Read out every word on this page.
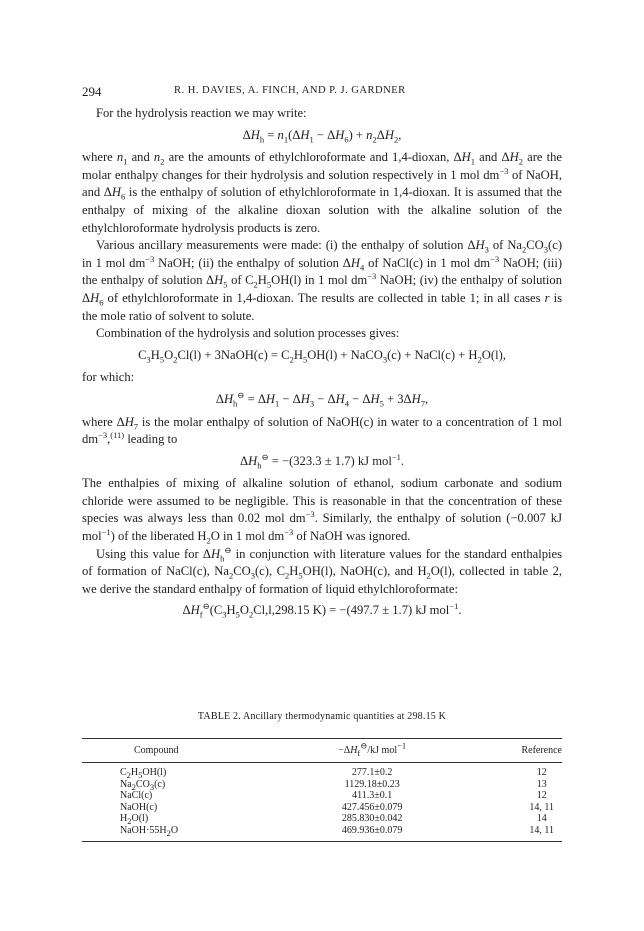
294	R. H. DAVIES, A. FINCH, AND P. J. GARDNER

For the hydrolysis reaction we may write:

$\Delta H_h = n_1(\Delta H_1 - \Delta H_6) + n_2\Delta H_2$,

where $n_1$ and $n_2$ are the amounts of ethylchloroformate and 1,4-dioxan, $\Delta H_1$ and $\Delta H_2$ are the molar enthalpy changes for their hydrolysis and solution respectively in 1 mol $dm^{-3}$ of NaOH, and $\Delta H_6$ is the enthalpy of solution of ethylchloroformate in 1,4-dioxan. It is assumed that the enthalpy of mixing of the alkaline dioxan solution with the alkaline solution of the ethylchloroformate hydrolysis products is zero.

Various ancillary measurements were made: (i) the enthalpy of solution $\Delta H_3$ of $Na_2CO_3(c)$ in 1 mol $dm^{-3}$ NaOH; (ii) the enthalpy of solution $\Delta H_4$ of NaCl(c) in 1 mol $dm^{-3}$ NaOH; (iii) the enthalpy of solution $\Delta H_5$ of $C_2H_5OH(l)$ in 1 mol $dm^{-3}$ NaOH; (iv) the enthalpy of solution $\Delta H_6$ of ethylchloroformate in 1,4-dioxan. The results are collected in table 1; in all cases r is the mole ratio of solvent to solute.

Combination of the hydrolysis and solution processes gives:

$C_3H_5O_2Cl(l)$ + 3NaOH(c) = $C_2H_5OH(l)$ + NaCO$_3$(c) + NaCl(c) + $H_2O(l)$,

for which:

$\Delta H_h^⊖ = \Delta H_1 - \Delta H_3 - \Delta H_4 - \Delta H_5 + 3\Delta H_7$,

where $\Delta H_7$ is the molar enthalpy of solution of NaOH(c) in water to a concentration of 1 mol $dm^{-3},^{(11)}$ leading to

$\Delta H_h^⊖ = -(323.3 \pm 1.7)$ kJ mol$^{-1}$.

The enthalpies of mixing of alkaline solution of ethanol, sodium carbonate and sodium chloride were assumed to be negligible. This is reasonable in that the concentration of these species was always less than 0.02 mol $dm^{-3}$. Similarly, the enthalpy of solution (−0.007 kJ mol$^{-1}$) of the liberated $H_2O$ in 1 mol $dm^{-3}$ of NaOH was ignored.

Using this value for $\Delta H_h^⊖$ in conjunction with literature values for the standard enthalpies of formation of NaCl(c), $Na_2CO_3(c)$, $C_2H_5OH(l)$, NaOH(c), and $H_2O(l)$, collected in table 2, we derive the standard enthalpy of formation of liquid ethylchloroformate:

$\Delta H_f^⊖(C_3H_5O_2Cl,l,298.15$ K) = −(497.7 ± 1.7) kJ mol$^{-1}$.
TABLE 2. Ancillary thermodynamic quantities at 298.15 K
Compound	$-\Delta H_f^⊖/kJ$ mol$^{-1}$	Reference
$C_2H_5OH(l)$	277.1±0.2	12
$Na_2CO_3(c)$	1129.18±0.23	13
NaCl(c)	411.3±0.1	12
NaOH(c)	427.456±0.079	14, 11
$H_2O(l)$	285.830±0.042	14
$NaOH\cdot 55H_2O$	469.936±0.079	14, 11
